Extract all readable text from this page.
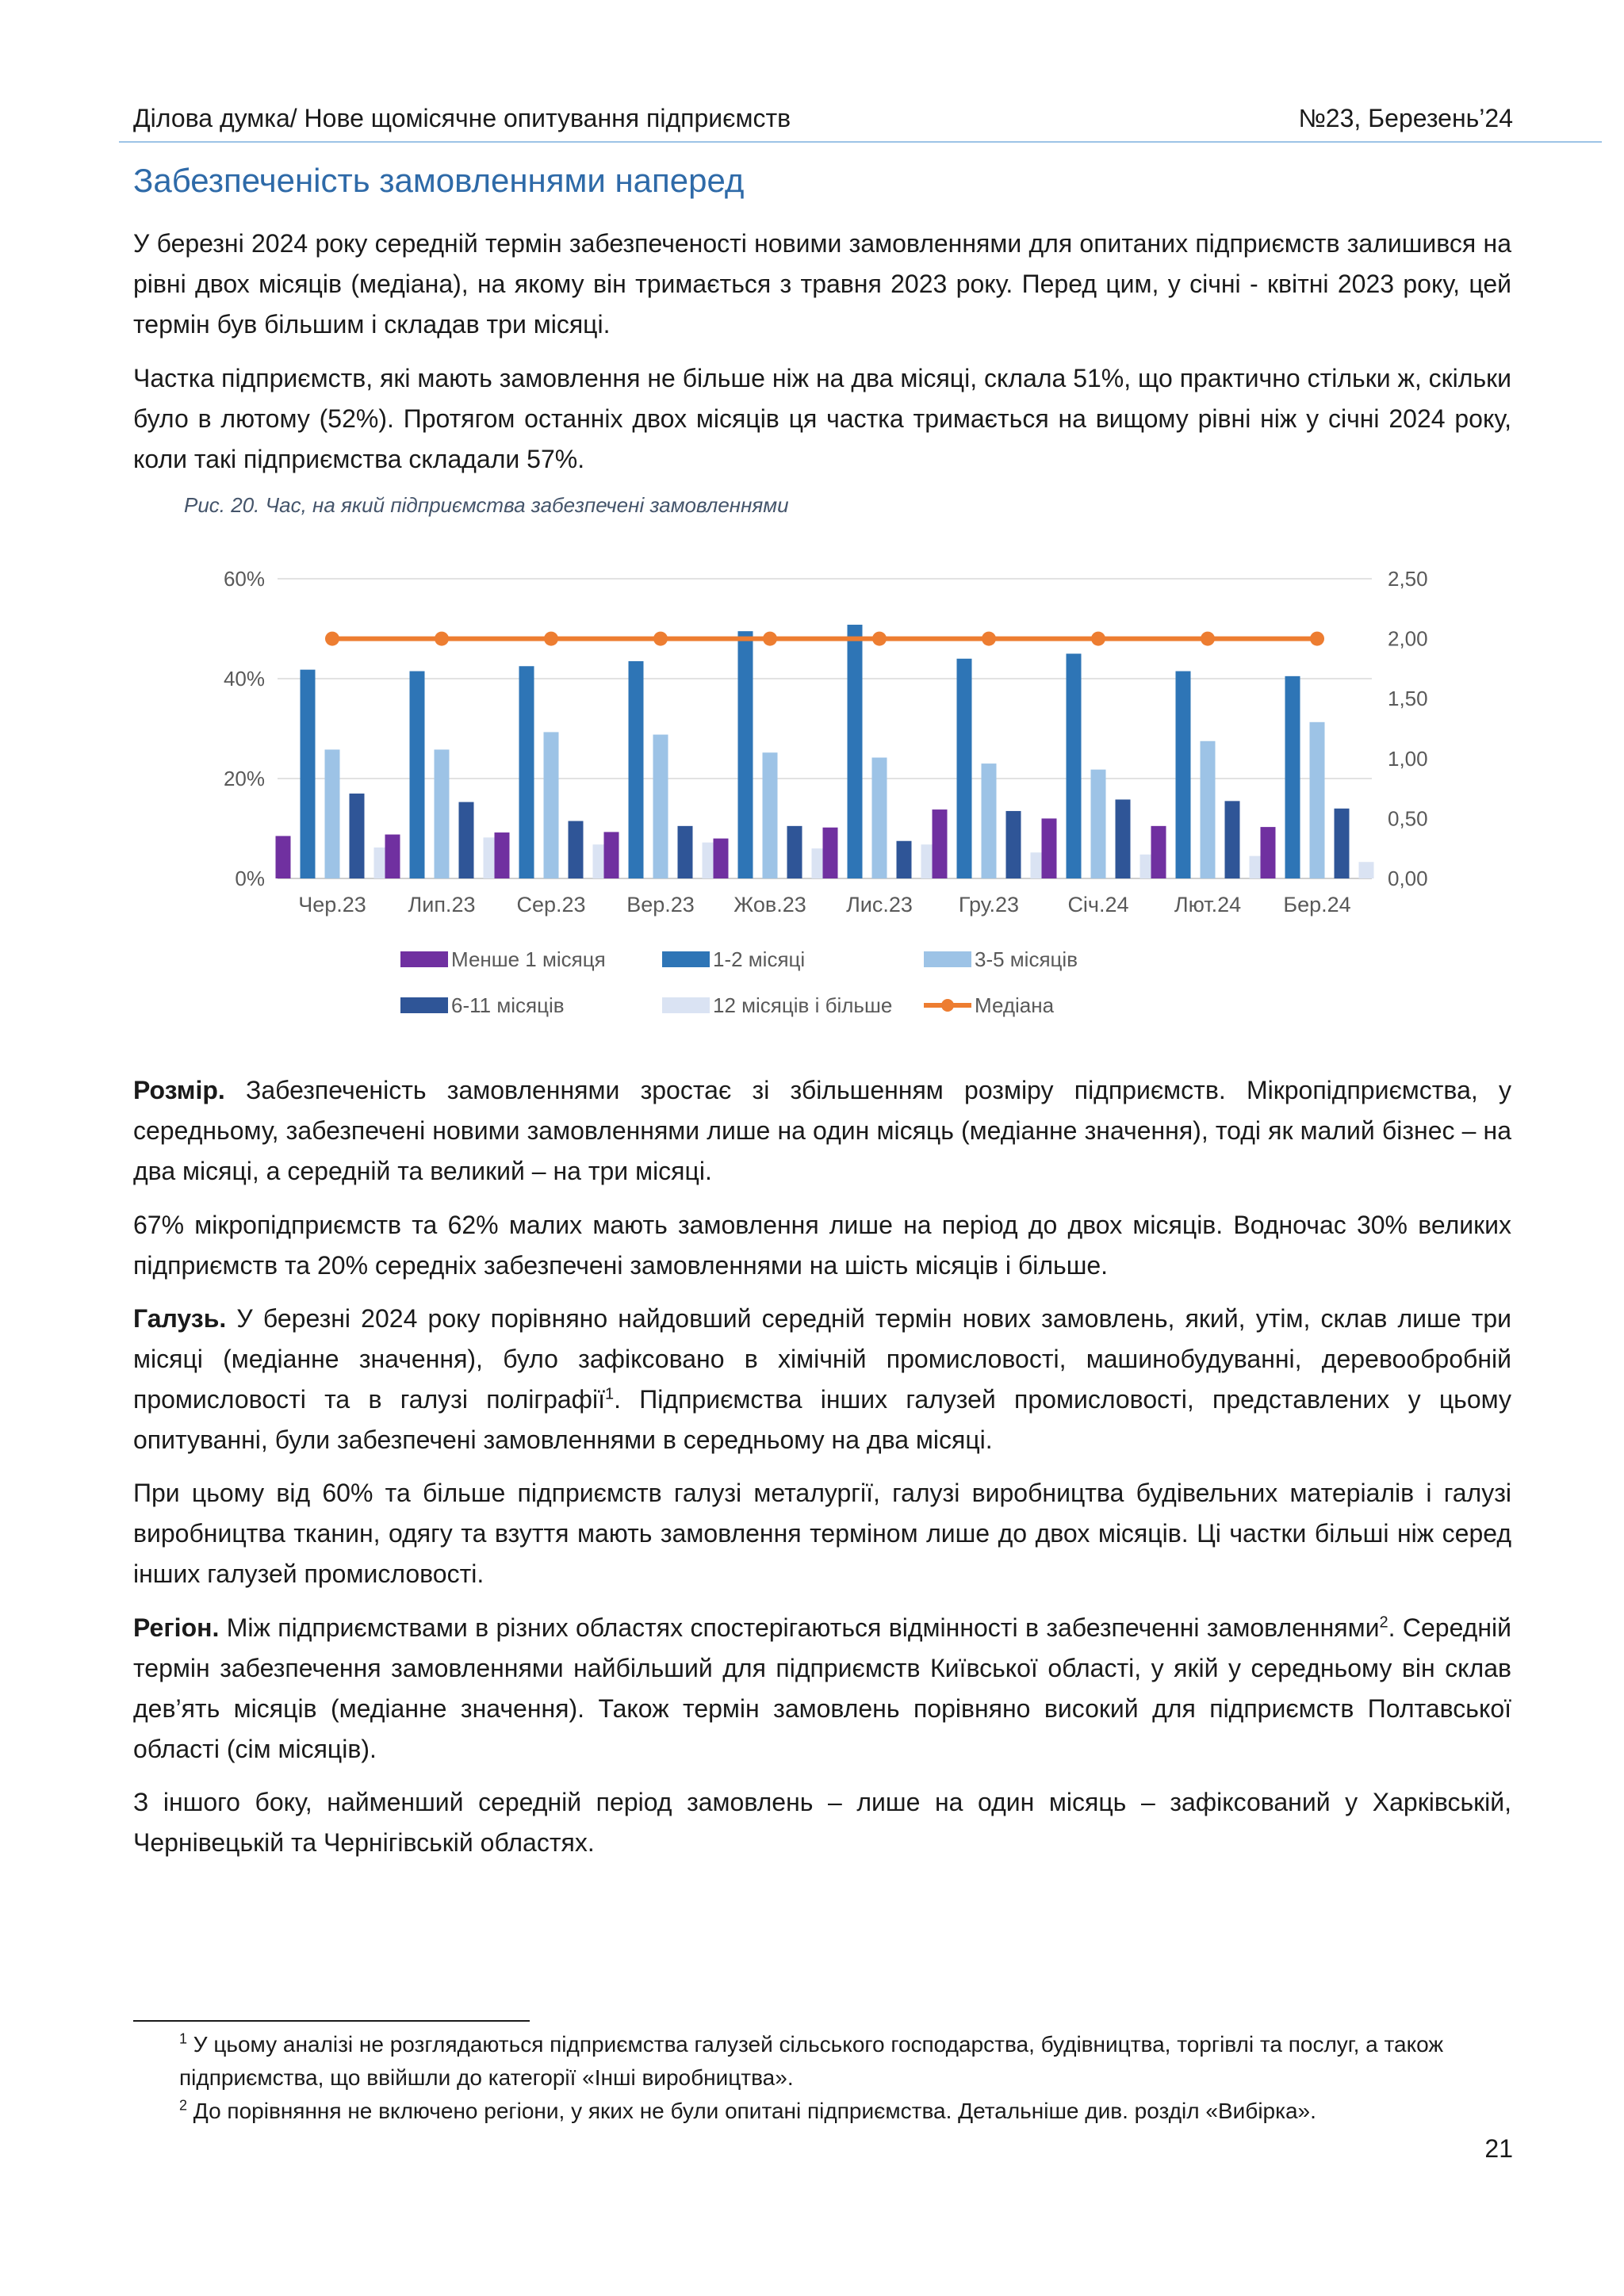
Ділова думка/ Нове щомісячне опитування підприємств	№23, Березень’24
Забезпеченість замовленнями наперед

У березні 2024 року середній термін забезпеченості новими замовленнями для опитаних підприємств залишився на рівні двох місяців (медіана), на якому він тримається з травня 2023 року. Перед цим, у січні - квітні 2023 року, цей термін був більшим і складав три місяці.

Частка підприємств, які мають замовлення не більше ніж на два місяці, склала 51%, що практично стільки ж, скільки було в лютому (52%). Протягом останніх двох місяців ця частка тримається на вищому рівні ніж у січні 2024 року, коли такі підприємства складали 57%.

Рис. 20. Час, на який підприємства забезпечені замовленнями
0%
20%
40%
60%
0,00
0,50
1,00
1,50
2,00
2,50
Чер.23 Лип.23 Сер.23 Вер.23 Жов.23 Лис.23 Гру.23 Січ.24 Лют.24 Бер.24
Менше 1 місяця	1-2 місяці	3-5 місяців
6-11 місяців	12 місяців і більше	Медіана

Розмір. Забезпеченість замовленнями зростає зі збільшенням розміру підприємств. Мікропідприємства, у середньому, забезпечені новими замовленнями лише на один місяць (медіанне значення), тоді як малий бізнес – на два місяці, а середній та великий – на три місяці.

67% мікропідприємств та 62% малих мають замовлення лише на період до двох місяців. Водночас 30% великих підприємств та 20% середніх забезпечені замовленнями на шість місяців і більше.

Галузь. У березні 2024 року порівняно найдовший середній термін нових замовлень, який, утім, склав лише три місяці (медіанне значення), було зафіксовано в хімічній промисловості, машинобудуванні, деревообробній промисловості та в галузі поліграфії$^1$. Підприємства інших галузей промисловості, представлених у цьому опитуванні, були забезпечені замовленнями в середньому на два місяці.

При цьому від 60% та більше підприємств галузі металургії, галузі виробництва будівельних матеріалів і галузі виробництва тканин, одягу та взуття мають замовлення терміном лише до двох місяців. Ці частки більші ніж серед інших галузей промисловості.

Регіон. Між підприємствами в різних областях спостерігаються відмінності в забезпеченні замовленнями$^2$. Середній термін забезпечення замовленнями найбільший для підприємств Київської області, у якій у середньому він склав дев’ять місяців (медіанне значення). Також термін замовлень порівняно високий для підприємств Полтавської області (сім місяців).

З іншого боку, найменший середній період замовлень – лише на один місяць – зафіксований у Харківській, Чернівецькій та Чернігівській областях.

$^1$ У цьому аналізі не розглядаються підприємства галузей сільського господарства, будівництва, торгівлі та послуг, а також підприємства, що ввійшли до категорії «Інші виробництва».

$^2$ До порівняння не включено регіони, у яких не були опитані підприємства. Детальніше див. розділ «Вибірка».

21
